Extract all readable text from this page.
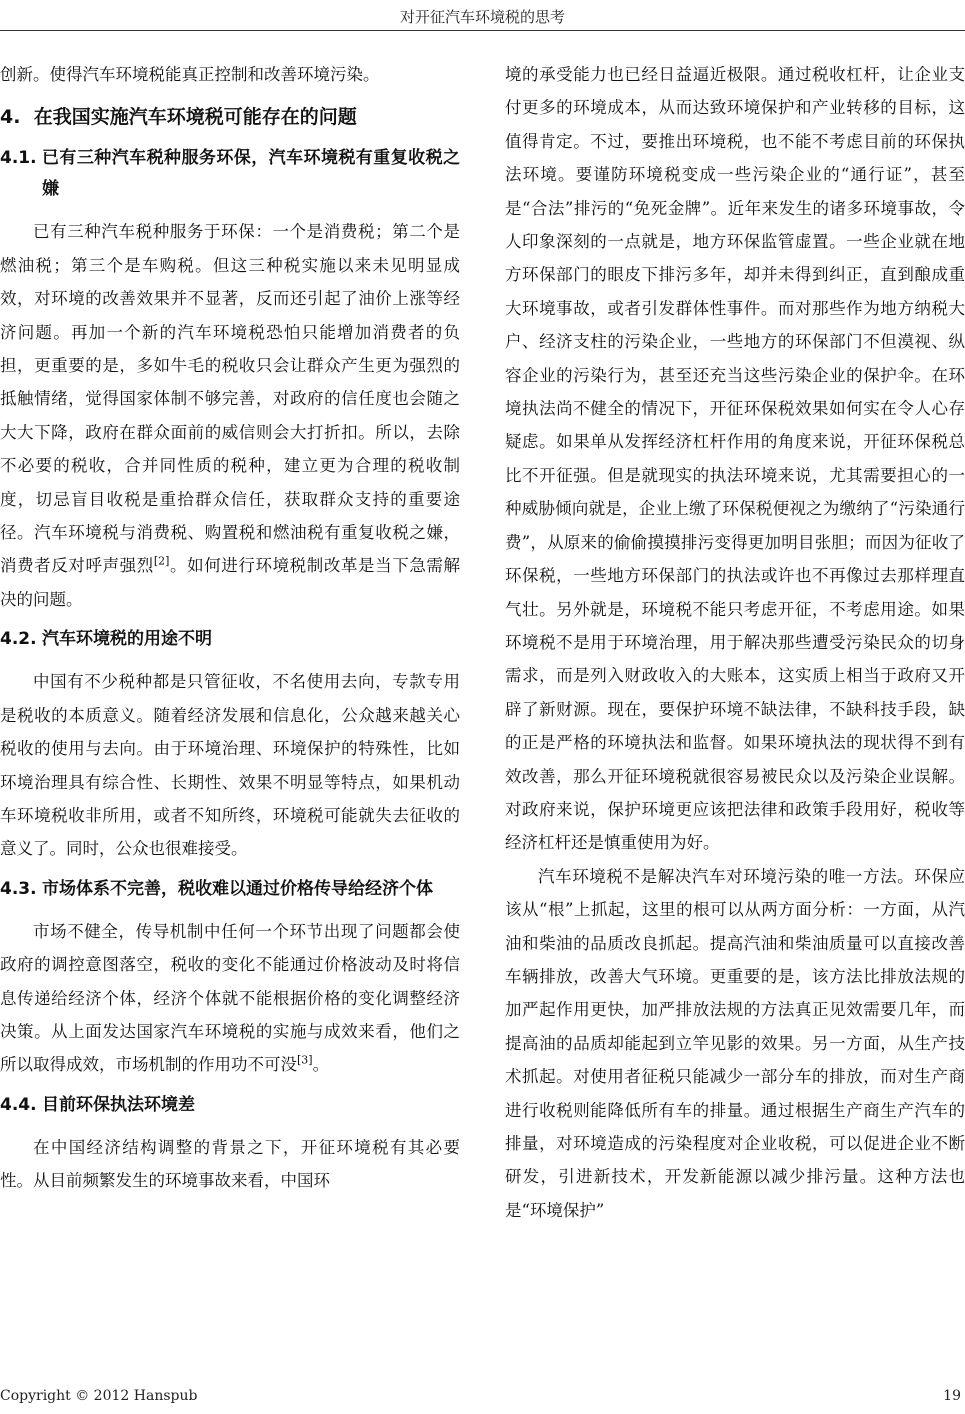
对开征汽车环境税的思考

创新。使得汽车环境税能真正控制和改善环境污染。

4. 在我国实施汽车环境税可能存在的问题
4.1. 已有三种汽车税种服务环保，汽车环境税有重复收税之嫌

已有三种汽车税种服务于环保：一个是消费税；第二个是燃油税；第三个是车购税。但这三种税实施以来未见明显成效，对环境的改善效果并不显著，反而还引起了油价上涨等经济问题。再加一个新的汽车环境税恐怕只能增加消费者的负担，更重要的是，多如牛毛的税收只会让群众产生更为强烈的抵触情绪，觉得国家体制不够完善，对政府的信任度也会随之大大下降，政府在群众面前的威信则会大打折扣。所以，去除不必要的税收，合并同性质的税种，建立更为合理的税收制度，切忌盲目收税是重拾群众信任，获取群众支持的重要途径。汽车环境税与消费税、购置税和燃油税有重复收税之嫌，消费者反对呼声强烈[2]。如何进行环境税制改革是当下急需解决的问题。

4.2. 汽车环境税的用途不明

中国有不少税种都是只管征收，不名使用去向，专款专用是税收的本质意义。随着经济发展和信息化，公众越来越关心税收的使用与去向。由于环境治理、环境保护的特殊性，比如环境治理具有综合性、长期性、效果不明显等特点，如果机动车环境税收非所用，或者不知所终，环境税可能就失去征收的意义了。同时，公众也很难接受。

4.3. 市场体系不完善，税收难以通过价格传导给经济个体

市场不健全，传导机制中任何一个环节出现了问题都会使政府的调控意图落空，税收的变化不能通过价格波动及时将信息传递给经济个体，经济个体就不能根据价格的变化调整经济决策。从上面发达国家汽车环境税的实施与成效来看，他们之所以取得成效，市场机制的作用功不可没[3]。

4.4. 目前环保执法环境差

在中国经济结构调整的背景之下，开征环境税有其必要性。从目前频繁发生的环境事故来看，中国环

境的承受能力也已经日益逼近极限。通过税收杠杆，让企业支付更多的环境成本，从而达致环境保护和产业转移的目标，这值得肯定。不过，要推出环境税，也不能不考虑目前的环保执法环境。要谨防环境税变成一些污染企业的“通行证”，甚至是“合法”排污的“免死金牌”。近年来发生的诸多环境事故，令人印象深刻的一点就是，地方环保监管虚置。一些企业就在地方环保部门的眼皮下排污多年，却并未得到纠正，直到酿成重大环境事故，或者引发群体性事件。而对那些作为地方纳税大户、经济支柱的污染企业，一些地方的环保部门不但漠视、纵容企业的污染行为，甚至还充当这些污染企业的保护伞。在环境执法尚不健全的情况下，开征环保税效果如何实在令人心存疑虑。如果单从发挥经济杠杆作用的角度来说，开征环保税总比不开征强。但是就现实的执法环境来说，尤其需要担心的一种威胁倾向就是，企业上缴了环保税便视之为缴纳了“污染通行费”，从原来的偷偷摸摸排污变得更加明目张胆；而因为征收了环保税，一些地方环保部门的执法或许也不再像过去那样理直气壮。另外就是，环境税不能只考虑开征，不考虑用途。如果环境税不是用于环境治理，用于解决那些遭受污染民众的切身需求，而是列入财政收入的大账本，这实质上相当于政府又开辟了新财源。现在，要保护环境不缺法律，不缺科技手段，缺的正是严格的环境执法和监督。如果环境执法的现状得不到有效改善，那么开征环境税就很容易被民众以及污染企业误解。对政府来说，保护环境更应该把法律和政策手段用好，税收等经济杠杆还是慎重使用为好。

汽车环境税不是解决汽车对环境污染的唯一方法。环保应该从“根”上抓起，这里的根可以从两方面分析：一方面，从汽油和柴油的品质改良抓起。提高汽油和柴油质量可以直接改善车辆排放，改善大气环境。更重要的是，该方法比排放法规的加严起作用更快，加严排放法规的方法真正见效需要几年，而提高油的品质却能起到立竿见影的效果。另一方面，从生产技术抓起。对使用者征税只能减少一部分车的排放，而对生产商进行收税则能降低所有车的排量。通过根据生产商生产汽车的排量，对环境造成的污染程度对企业收税，可以促进企业不断研发，引进新技术，开发新能源以减少排污量。这种方法也是“环境保护”

Copyright © 2012 Hanspub	19
